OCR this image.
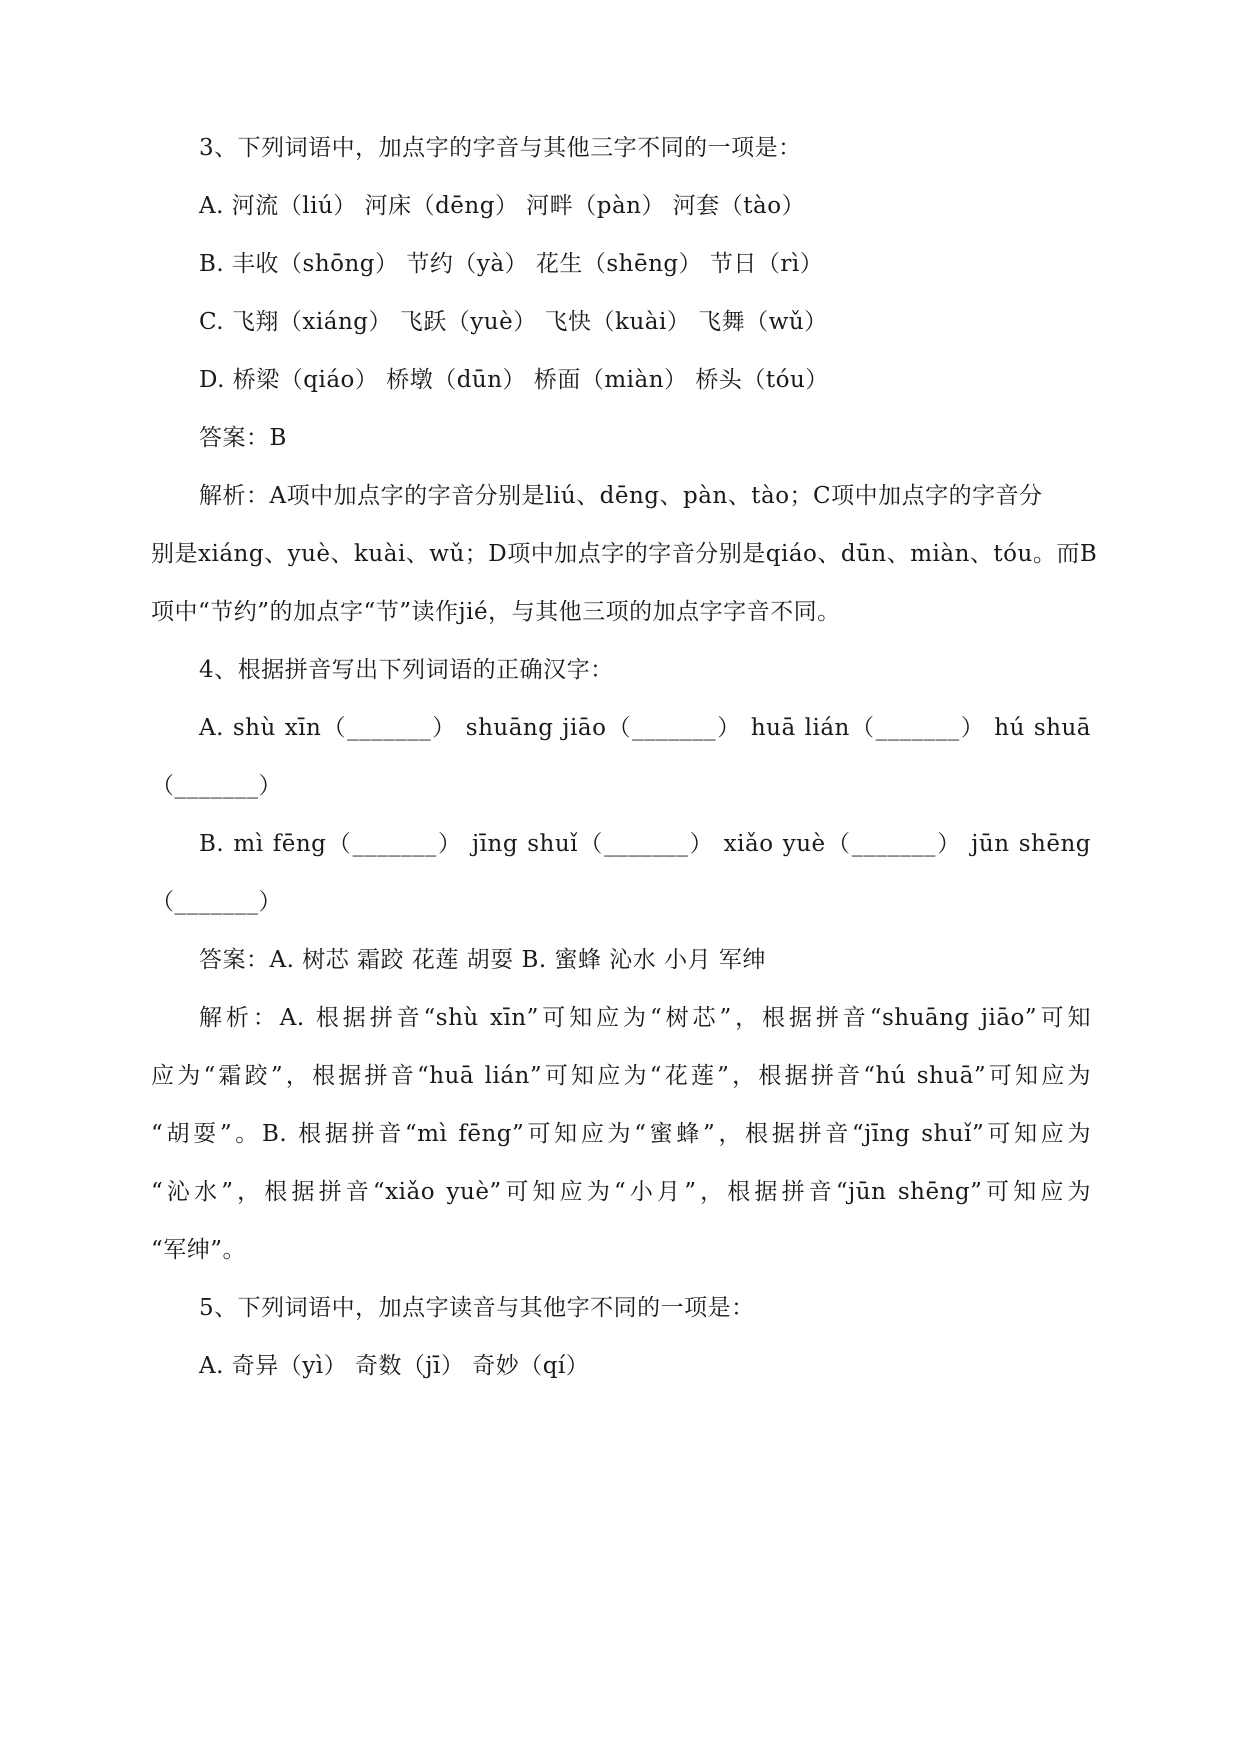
3、下列词语中，加点字的字音与其他三字不同的一项是：
A. 河流（liú） 河床（dēng） 河畔（pàn） 河套（tào）
B. 丰收（shōng） 节约（yà） 花生（shēng） 节日（rì）
C. 飞翔（xiáng） 飞跃（yuè） 飞快（kuài） 飞舞（wǔ）
D. 桥梁（qiáo） 桥墩（dūn） 桥面（miàn） 桥头（tóu）
答案：B
解析：A项中加点字的字音分别是liú、dēng、pàn、tào；C项中加点字的字音分
别是xiáng、yuè、kuài、wǔ；D项中加点字的字音分别是qiáo、dūn、miàn、tóu。而B
项中“节约”的加点字“节”读作jié，与其他三项的加点字字音不同。
4、根据拼音写出下列词语的正确汉字：
A. shù xīn（_______） shuāng jiāo（_______） huā lián（_______） hú shuā
（_______）
B. mì fēng（_______） jīng shuǐ（_______） xiǎo yuè（_______） jūn shēng
（_______）
答案：A. 树芯 霜跤 花莲 胡耍 B. 蜜蜂 沁水 小月 军绅
解析：A. 根据拼音“shù xīn”可知应为“树芯”，根据拼音“shuāng jiāo”可知
应为“霜跤”，根据拼音“huā lián”可知应为“花莲”，根据拼音“hú shuā”可知应为
“胡耍”。B. 根据拼音“mì fēng”可知应为“蜜蜂”，根据拼音“jīng shuǐ”可知应为
“沁水”，根据拼音“xiǎo yuè”可知应为“小月”，根据拼音“jūn shēng”可知应为
“军绅”。
5、下列词语中，加点字读音与其他字不同的一项是：
A. 奇异（yì） 奇数（jī） 奇妙（qí）
